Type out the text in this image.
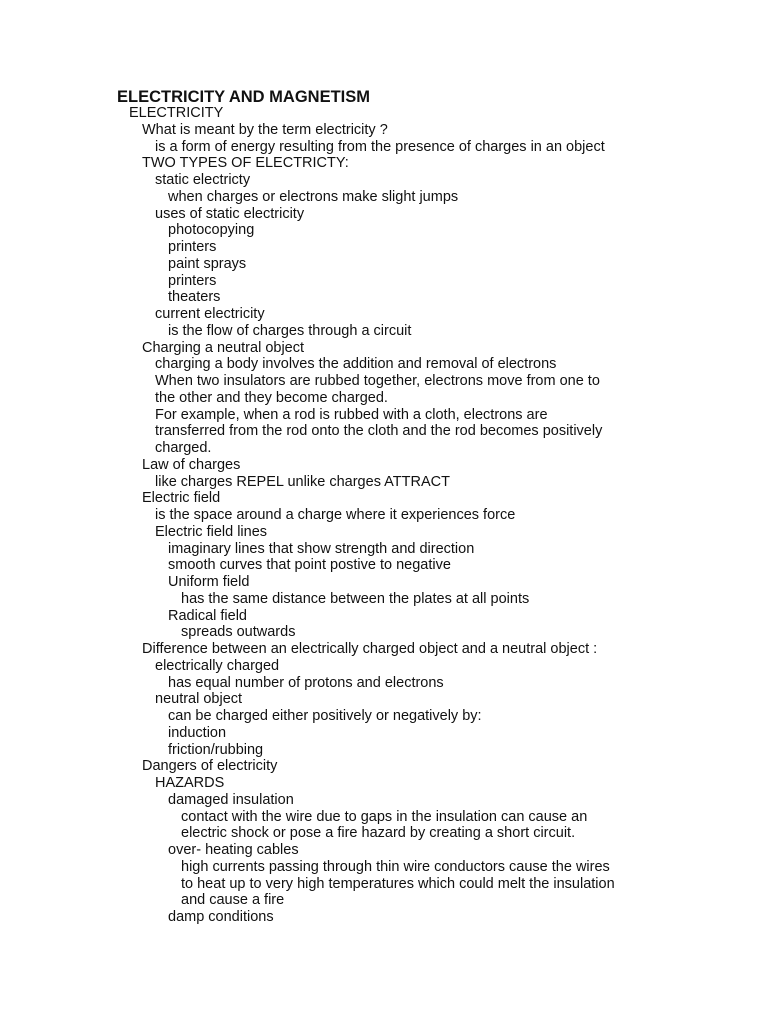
ELECTRICITY AND MAGNETISM
ELECTRICITY
What is meant by the term electricity ?
is a form of energy resulting from the presence of charges in an object
TWO TYPES OF ELECTRICTY:
static electricty
when charges or electrons make slight jumps
uses of static electricity
photocopying
printers
paint sprays
printers
theaters
current electricity
is the flow of charges through a circuit
Charging a neutral object
charging a body involves the addition and removal of electrons
When two insulators are rubbed together, electrons move from one to
the other and they become charged.
For example, when a rod is rubbed with a cloth, electrons are
transferred from the rod onto the cloth and the rod becomes positively
charged.
Law of charges
like charges REPEL unlike charges ATTRACT
Electric field
is the space around a charge where it experiences force
Electric field lines
imaginary lines that show strength and direction
smooth curves that point postive to negative
Uniform field
has the same distance between the plates at all points
Radical field
spreads outwards
Difference between an electrically charged object and a neutral object :
electrically charged
has equal number of protons and electrons
neutral object
can be charged either positively or negatively by:
induction
friction/rubbing
Dangers of electricity
HAZARDS
damaged insulation
contact with the wire due to gaps in the insulation can cause an
electric shock or pose a fire hazard by creating a short circuit.
over- heating cables
high currents passing through thin wire conductors cause the wires
to heat up to very high temperatures which could melt the insulation
and cause a fire
damp conditions
